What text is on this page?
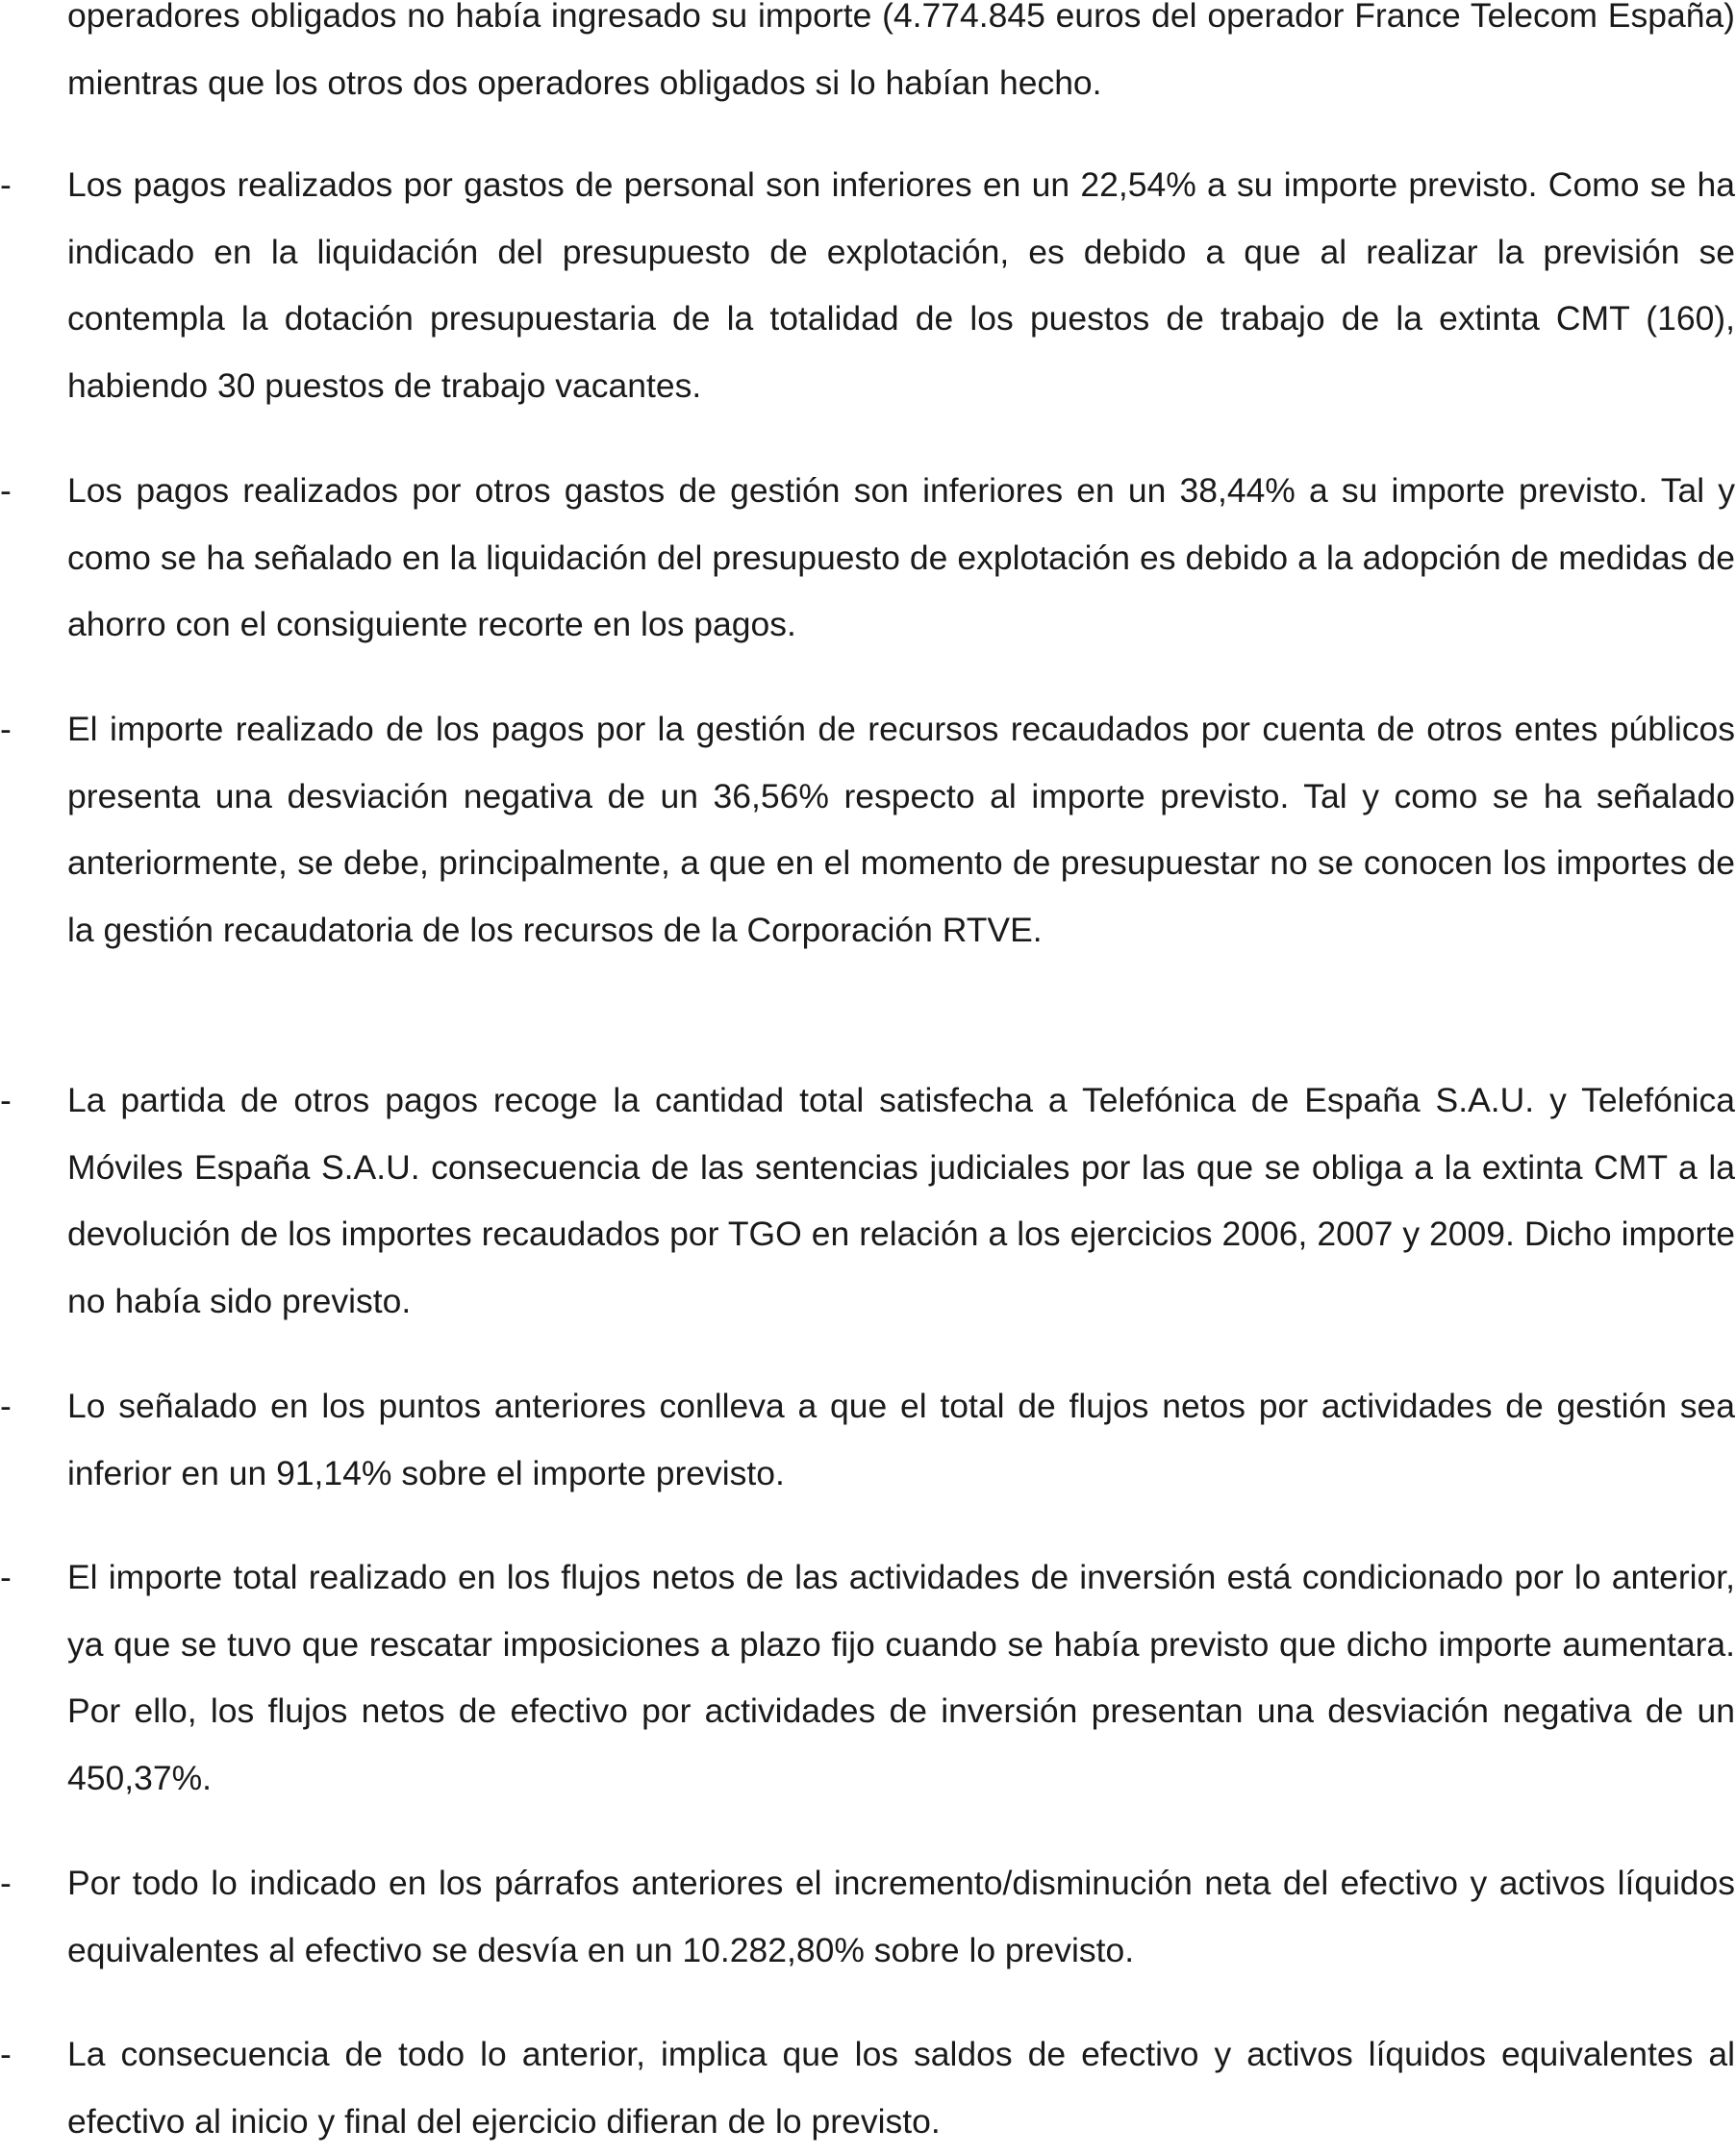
operadores obligados no había ingresado su importe (4.774.845 euros del operador France Telecom España) mientras que los otros dos operadores obligados si lo habían hecho.

- Los pagos realizados por gastos de personal son inferiores en un 22,54% a su importe previsto. Como se ha indicado en la liquidación del presupuesto de explotación, es debido a que al realizar la previsión se contempla la dotación presupuestaria de la totalidad de los puestos de trabajo de la extinta CMT (160), habiendo 30 puestos de trabajo vacantes.

- Los pagos realizados por otros gastos de gestión son inferiores en un 38,44% a su importe previsto. Tal y como se ha señalado en la liquidación del presupuesto de explotación es debido a la adopción de medidas de ahorro con el consiguiente recorte en los pagos.

- El importe realizado de los pagos por la gestión de recursos recaudados por cuenta de otros entes públicos presenta una desviación negativa de un 36,56% respecto al importe previsto. Tal y como se ha señalado anteriormente, se debe, principalmente, a que en el momento de presupuestar no se conocen los importes de la gestión recaudatoria de los recursos de la Corporación RTVE.

- La partida de otros pagos recoge la cantidad total satisfecha a Telefónica de España S.A.U. y Telefónica Móviles España S.A.U. consecuencia de las sentencias judiciales por las que se obliga a la extinta CMT a la devolución de los importes recaudados por TGO en relación a los ejercicios 2006, 2007 y 2009. Dicho importe no había sido previsto.

- Lo señalado en los puntos anteriores conlleva a que el total de flujos netos por actividades de gestión sea inferior en un 91,14% sobre el importe previsto.

- El importe total realizado en los flujos netos de las actividades de inversión está condicionado por lo anterior, ya que se tuvo que rescatar imposiciones a plazo fijo cuando se había previsto que dicho importe aumentara. Por ello, los flujos netos de efectivo por actividades de inversión presentan una desviación negativa de un 450,37%.

- Por todo lo indicado en los párrafos anteriores el incremento/disminución neta del efectivo y activos líquidos equivalentes al efectivo se desvía en un 10.282,80% sobre lo previsto.

- La consecuencia de todo lo anterior, implica que los saldos de efectivo y activos líquidos equivalentes al efectivo al inicio y final del ejercicio difieran de lo previsto.
